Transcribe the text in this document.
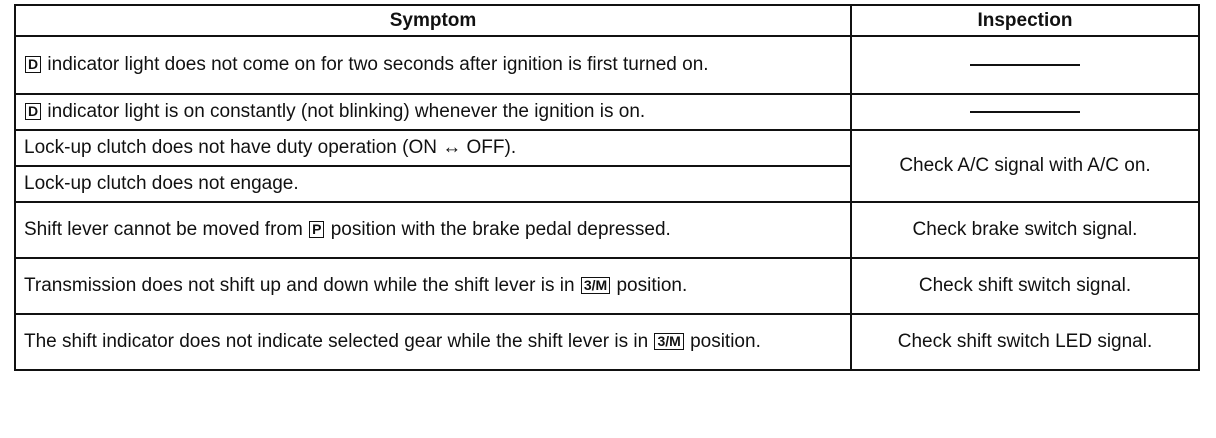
Symptom	Inspection
D indicator light does not come on for two seconds after ignition is first turned on.	
D indicator light is on constantly (not blinking) whenever the ignition is on.	
Lock-up clutch does not have duty operation (ON ↔ OFF).	Check A/C signal with A/C on.
Lock-up clutch does not engage.	
Shift lever cannot be moved from P position with the brake pedal depressed.	Check brake switch signal.
Transmission does not shift up and down while the shift lever is in 3/M position.	Check shift switch signal.
The shift indicator does not indicate selected gear while the shift lever is in 3/M position.	Check shift switch LED signal.
